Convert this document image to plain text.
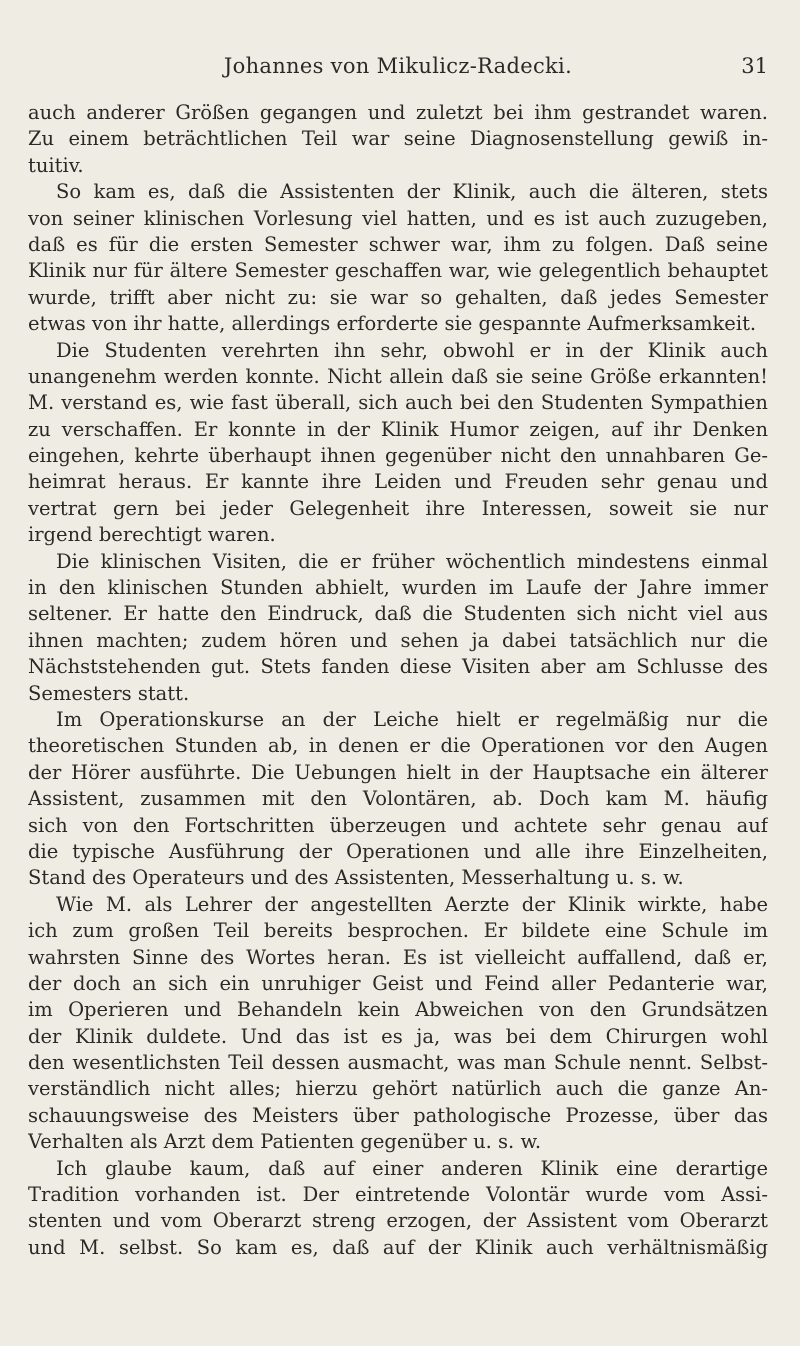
Johannes von Mikulicz-Radecki.	31
auch anderer Größen gegangen und zuletzt bei ihm gestrandet waren.
Zu einem beträchtlichen Teil war seine Diagnosenstellung gewiß in-
tuitiv.
So kam es, daß die Assistenten der Klinik, auch die älteren, stets
von seiner klinischen Vorlesung viel hatten, und es ist auch zuzugeben,
daß es für die ersten Semester schwer war, ihm zu folgen. Daß seine
Klinik nur für ältere Semester geschaffen war, wie gelegentlich behauptet
wurde, trifft aber nicht zu: sie war so gehalten, daß jedes Semester
etwas von ihr hatte, allerdings erforderte sie gespannte Aufmerksamkeit.
Die Studenten verehrten ihn sehr, obwohl er in der Klinik auch
unangenehm werden konnte. Nicht allein daß sie seine Größe erkannten!
M. verstand es, wie fast überall, sich auch bei den Studenten Sympathien
zu verschaffen. Er konnte in der Klinik Humor zeigen, auf ihr Denken
eingehen, kehrte überhaupt ihnen gegenüber nicht den unnahbaren Ge-
heimrat heraus. Er kannte ihre Leiden und Freuden sehr genau und
vertrat gern bei jeder Gelegenheit ihre Interessen, soweit sie nur
irgend berechtigt waren.
Die klinischen Visiten, die er früher wöchentlich mindestens einmal
in den klinischen Stunden abhielt, wurden im Laufe der Jahre immer
seltener. Er hatte den Eindruck, daß die Studenten sich nicht viel aus
ihnen machten; zudem hören und sehen ja dabei tatsächlich nur die
Nächststehenden gut. Stets fanden diese Visiten aber am Schlusse des
Semesters statt.
Im Operationskurse an der Leiche hielt er regelmäßig nur die
theoretischen Stunden ab, in denen er die Operationen vor den Augen
der Hörer ausführte. Die Uebungen hielt in der Hauptsache ein älterer
Assistent, zusammen mit den Volontären, ab. Doch kam M. häufig
sich von den Fortschritten überzeugen und achtete sehr genau auf
die typische Ausführung der Operationen und alle ihre Einzelheiten,
Stand des Operateurs und des Assistenten, Messerhaltung u. s. w.
Wie M. als Lehrer der angestellten Aerzte der Klinik wirkte, habe
ich zum großen Teil bereits besprochen. Er bildete eine Schule im
wahrsten Sinne des Wortes heran. Es ist vielleicht auffallend, daß er,
der doch an sich ein unruhiger Geist und Feind aller Pedanterie war,
im Operieren und Behandeln kein Abweichen von den Grundsätzen
der Klinik duldete. Und das ist es ja, was bei dem Chirurgen wohl
den wesentlichsten Teil dessen ausmacht, was man Schule nennt. Selbst-
verständlich nicht alles; hierzu gehört natürlich auch die ganze An-
schauungsweise des Meisters über pathologische Prozesse, über das
Verhalten als Arzt dem Patienten gegenüber u. s. w.
Ich glaube kaum, daß auf einer anderen Klinik eine derartige
Tradition vorhanden ist. Der eintretende Volontär wurde vom Assi-
stenten und vom Oberarzt streng erzogen, der Assistent vom Oberarzt
und M. selbst. So kam es, daß auf der Klinik auch verhältnismäßig
